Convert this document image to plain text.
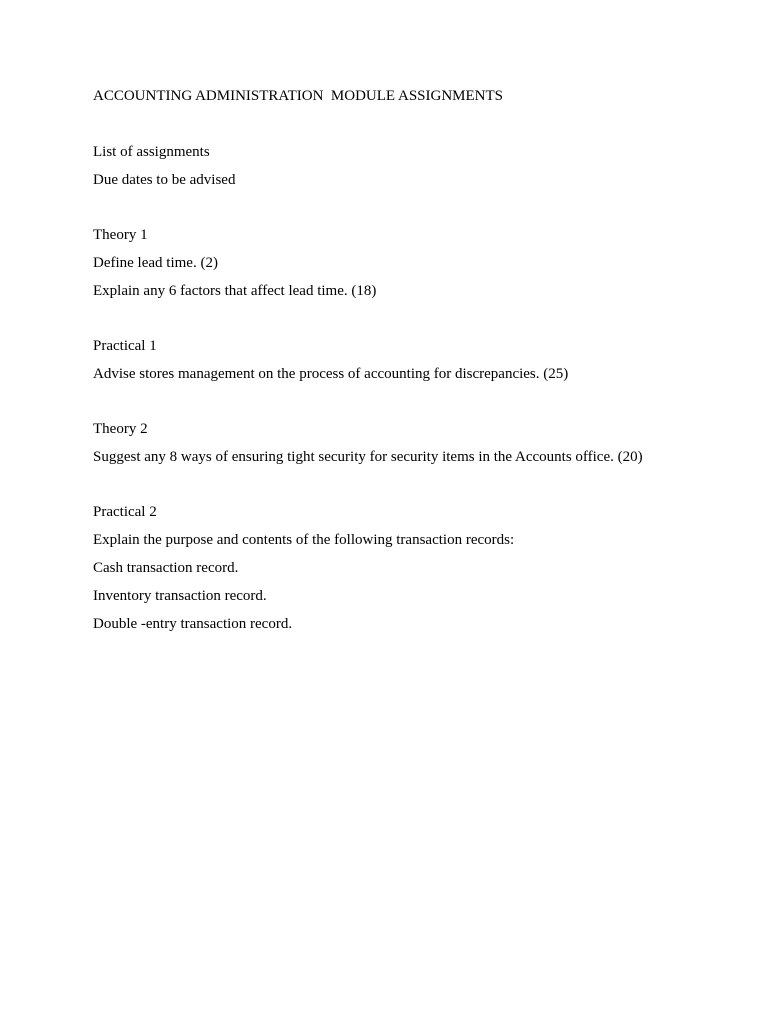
ACCOUNTING ADMINISTRATION  MODULE ASSIGNMENTS

List of assignments

Due dates to be advised

Theory 1

Define lead time. (2)

Explain any 6 factors that affect lead time. (18)

Practical 1

Advise stores management on the process of accounting for discrepancies. (25)

Theory 2

Suggest any 8 ways of ensuring tight security for security items in the Accounts office. (20)

Practical 2

Explain the purpose and contents of the following transaction records:

Cash transaction record.

Inventory transaction record.

Double -entry transaction record.
